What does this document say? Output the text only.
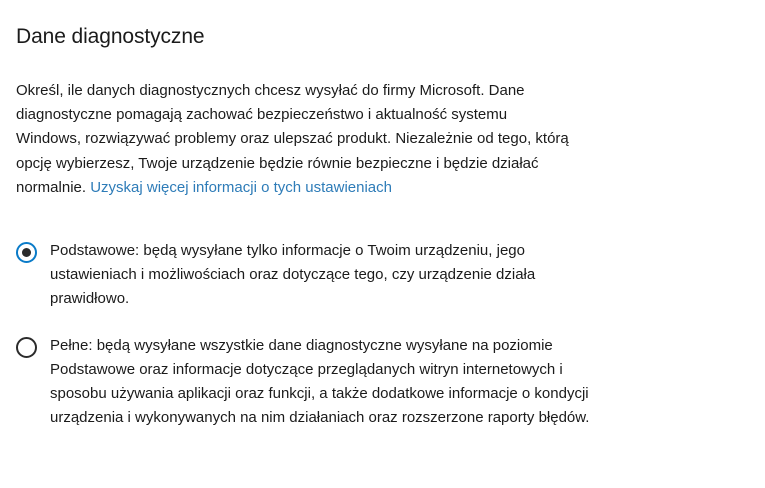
Dane diagnostyczne

Określ, ile danych diagnostycznych chcesz wysyłać do firmy Microsoft. Dane diagnostyczne pomagają zachować bezpieczeństwo i aktualność systemu Windows, rozwiązywać problemy oraz ulepszać produkt. Niezależnie od tego, którą opcję wybierzesz, Twoje urządzenie będzie równie bezpieczne i będzie działać normalnie. Uzyskaj więcej informacji o tych ustawieniach

Podstawowe: będą wysyłane tylko informacje o Twoim urządzeniu, jego ustawieniach i możliwościach oraz dotyczące tego, czy urządzenie działa prawidłowo.
Pełne: będą wysyłane wszystkie dane diagnostyczne wysyłane na poziomie Podstawowe oraz informacje dotyczące przeglądanych witryn internetowych i sposobu używania aplikacji oraz funkcji, a także dodatkowe informacje o kondycji urządzenia i wykonywanych na nim działaniach oraz rozszerzone raporty błędów.
